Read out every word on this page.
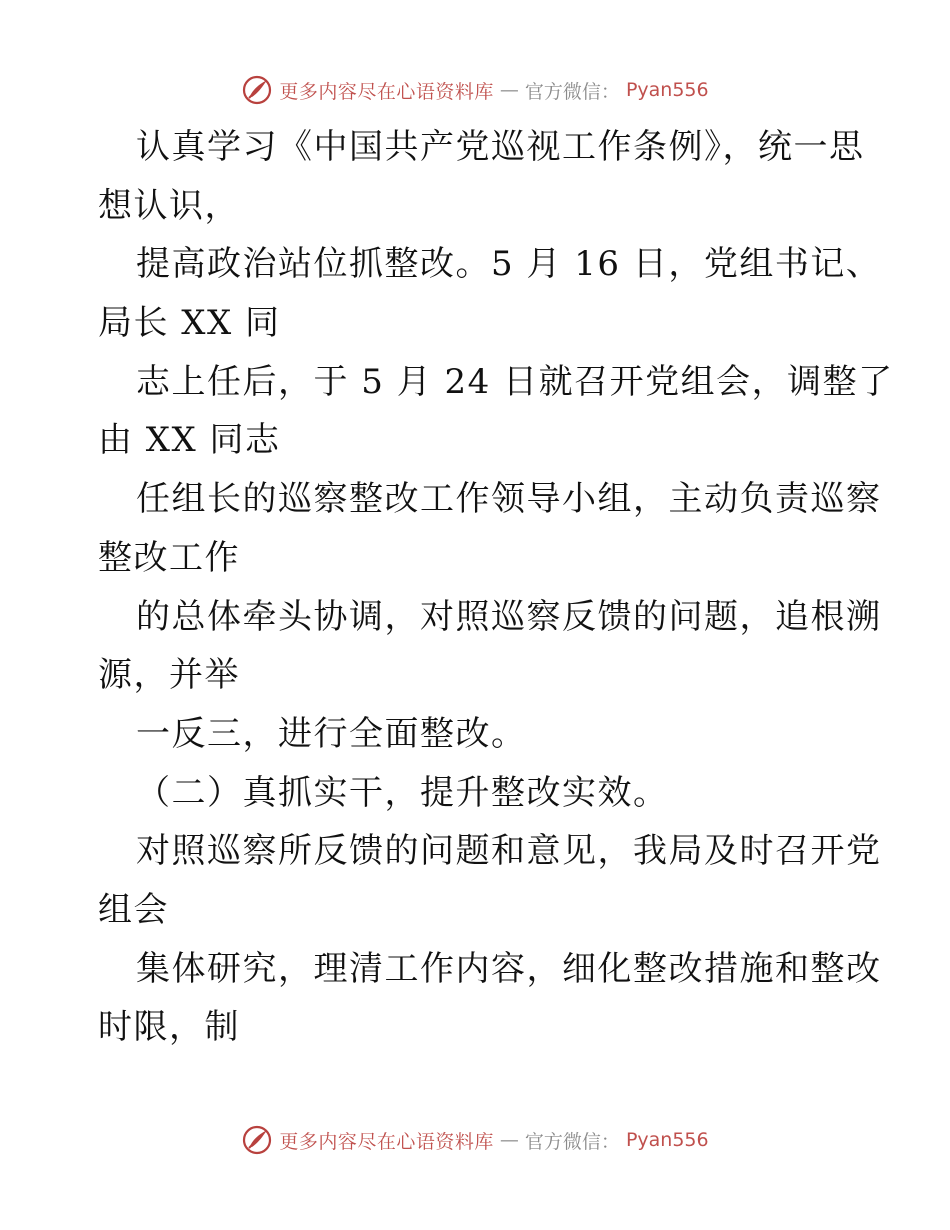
更多内容尽在心语资料库 — 官方微信： Pyan556
认真学习《中国共产党巡视工作条例》，统一思
想认识，
提高政治站位抓整改。5 月 16 日，党组书记、
局长 XX 同
志上任后，于 5 月 24 日就召开党组会，调整了
由 XX 同志
任组长的巡察整改工作领导小组，主动负责巡察
整改工作
的总体牵头协调，对照巡察反馈的问题，追根溯
源，并举
一反三，进行全面整改。
（二）真抓实干，提升整改实效。
对照巡察所反馈的问题和意见，我局及时召开党
组会
集体研究，理清工作内容，细化整改措施和整改
时限，制
更多内容尽在心语资料库 — 官方微信： Pyan556
